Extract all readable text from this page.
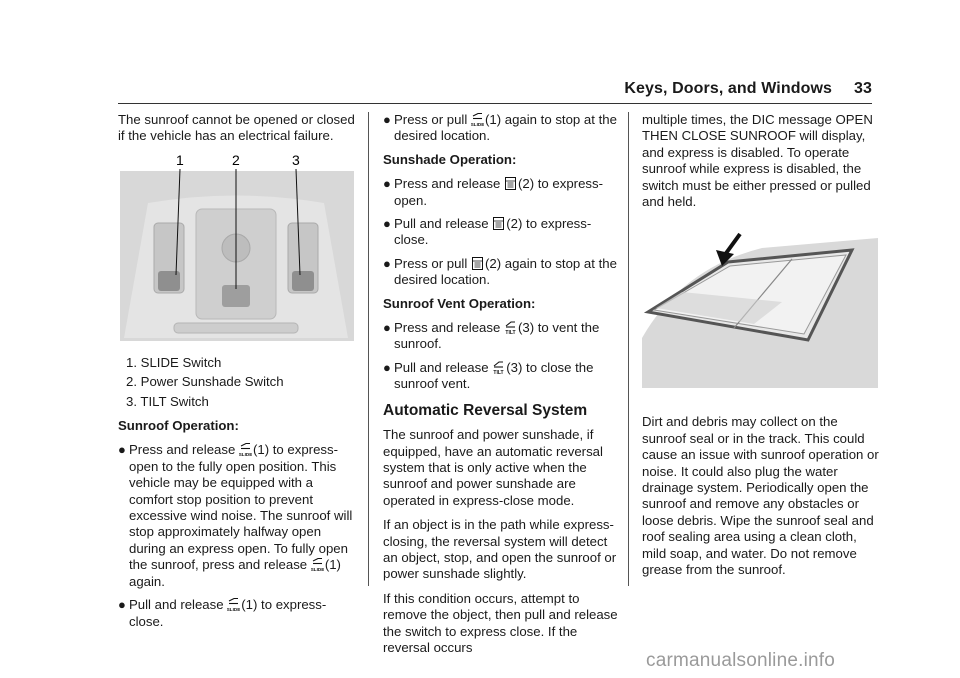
Keys, Doors, and Windows 33

The sunroof cannot be opened or closed if the vehicle has an electrical failure.

1	2	3
1. SLIDE Switch
2. Power Sunshade Switch
3. TILT Switch
Sunroof Operation:
● Press and release (1) to express-open to the fully open position. This vehicle may be equipped with a comfort stop position to prevent excessive wind noise. The sunroof will stop approximately halfway open during an express open. To fully open the sunroof, press and release (1) again.
● Pull and release (1) to express-close.
● Press or pull (1) again to stop at the desired location.
Sunshade Operation:
● Press and release (2) to express-open.
● Pull and release (2) to express-close.
● Press or pull (2) again to stop at the desired location.
Sunroof Vent Operation:
● Press and release (3) to vent the sunroof.
● Pull and release (3) to close the sunroof vent.
Automatic Reversal System

The sunroof and power sunshade, if equipped, have an automatic reversal system that is only active when the sunroof and power sunshade are operated in express-close mode.

If an object is in the path while express-closing, the reversal system will detect an object, stop, and open the sunroof or power sunshade slightly.

If this condition occurs, attempt to remove the object, then pull and release the switch to express close. If the reversal occurs

multiple times, the DIC message OPEN THEN CLOSE SUNROOF will display, and express is disabled. To operate sunroof while express is disabled, the switch must be either pressed or pulled and held.

Dirt and debris may collect on the sunroof seal or in the track. This could cause an issue with sunroof operation or noise. It could also plug the water drainage system. Periodically open the sunroof and remove any obstacles or loose debris. Wipe the sunroof seal and roof sealing area using a clean cloth, mild soap, and water. Do not remove grease from the sunroof.

carmanualsonline.info
